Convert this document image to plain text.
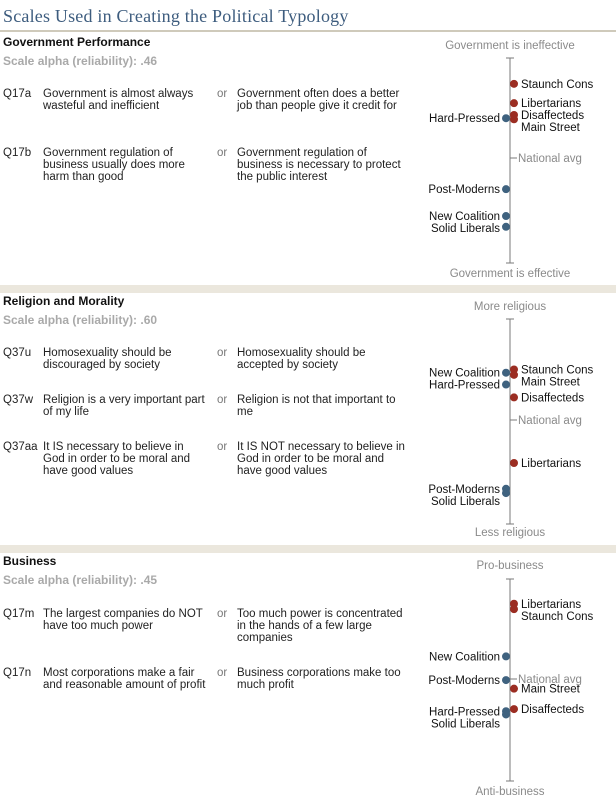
Scales Used in Creating the Political Typology
Government Performance
Scale alpha (reliability): .46
Q17a Government is almost always wasteful and inefficient
or Government often does a better job than people give it credit for
Q17b Government regulation of business usually does more harm than good
or Government regulation of business is necessary to protect the public interest
Government is ineffective
Government is effective
National avg
Staunch Cons
Libertarians
Disaffecteds
Main Street
Hard-Pressed
Post-Moderns
New Coalition
Solid Liberals
Religion and Morality
Scale alpha (reliability): .60
Q37u Homosexuality should be discouraged by society
or Homosexuality should be accepted by society
Q37w Religion is a very important part of my life
or Religion is not that important to me
Q37aa It IS necessary to believe in God in order to be moral and have good values
or It IS NOT necessary to believe in God in order to be moral and have good values
More religious
Less religious
National avg
Staunch Cons
Main Street
Disaffecteds
Libertarians
New Coalition
Hard-Pressed
Post-Moderns
Solid Liberals
Business
Scale alpha (reliability): .45
Q17m The largest companies do NOT have too much power
or Too much power is concentrated in the hands of a few large companies
Q17n Most corporations make a fair and reasonable amount of profit
or Business corporations make too much profit
Pro-business
Anti-business
National avg
Libertarians
Staunch Cons
Main Street
Disaffecteds
New Coalition
Post-Moderns
Hard-Pressed
Solid Liberals
